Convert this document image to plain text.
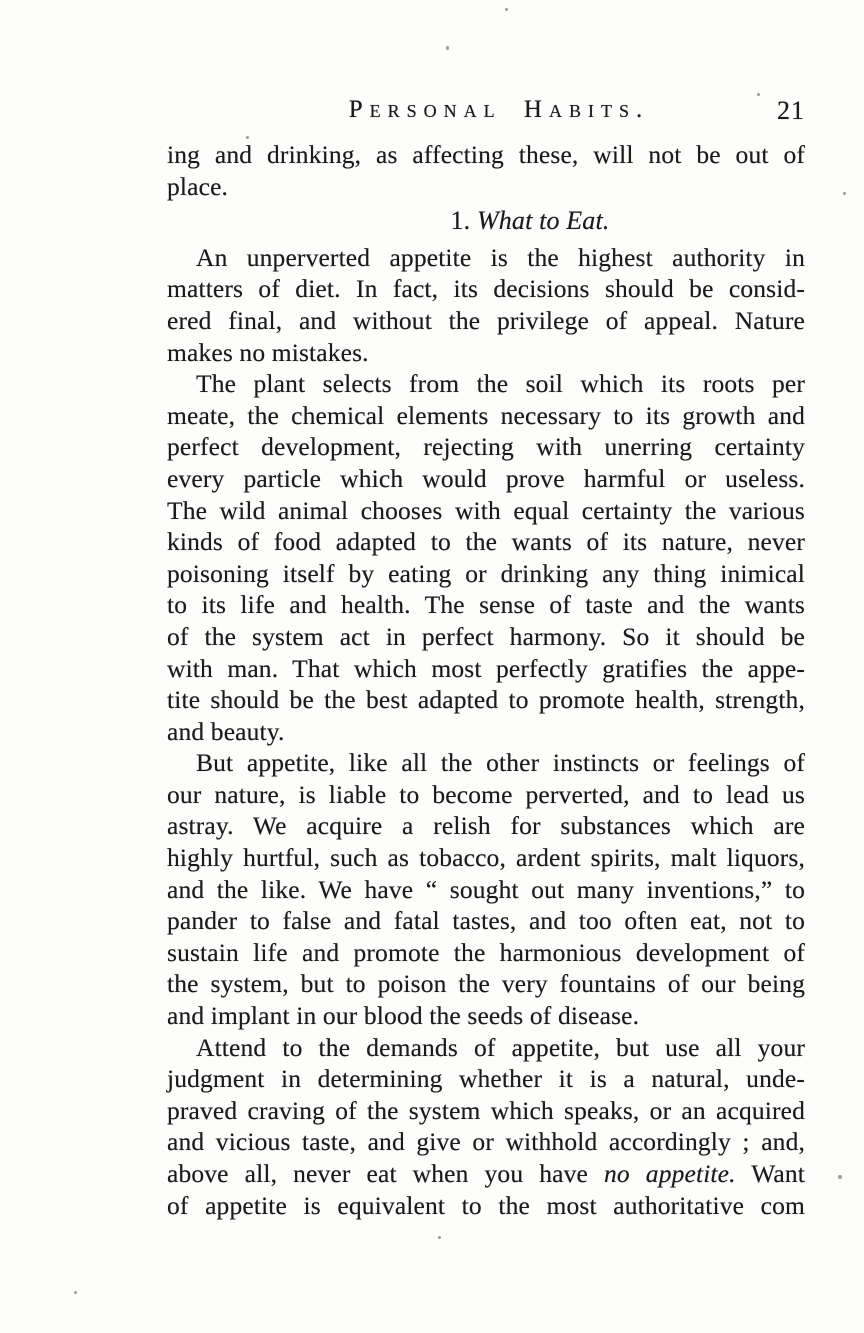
Personal Habits.	21
ing and drinking, as affecting these, will not be out of
place.
1. What to Eat.
An unperverted appetite is the highest authority in
matters of diet. In fact, its decisions should be consid-
ered final, and without the privilege of appeal. Nature
makes no mistakes.
The plant selects from the soil which its roots per
meate, the chemical elements necessary to its growth and
perfect development, rejecting with unerring certainty
every particle which would prove harmful or useless.
The wild animal chooses with equal certainty the various
kinds of food adapted to the wants of its nature, never
poisoning itself by eating or drinking any thing inimical
to its life and health. The sense of taste and the wants
of the system act in perfect harmony. So it should be
with man. That which most perfectly gratifies the appe-
tite should be the best adapted to promote health, strength,
and beauty.
But appetite, like all the other instincts or feelings of
our nature, is liable to become perverted, and to lead us
astray. We acquire a relish for substances which are
highly hurtful, such as tobacco, ardent spirits, malt liquors,
and the like. We have “ sought out many inventions,” to
pander to false and fatal tastes, and too often eat, not to
sustain life and promote the harmonious development of
the system, but to poison the very fountains of our being
and implant in our blood the seeds of disease.
Attend to the demands of appetite, but use all your
judgment in determining whether it is a natural, unde-
praved craving of the system which speaks, or an acquired
and vicious taste, and give or withhold accordingly ; and,
above all, never eat when you have no appetite. Want
of appetite is equivalent to the most authoritative com
